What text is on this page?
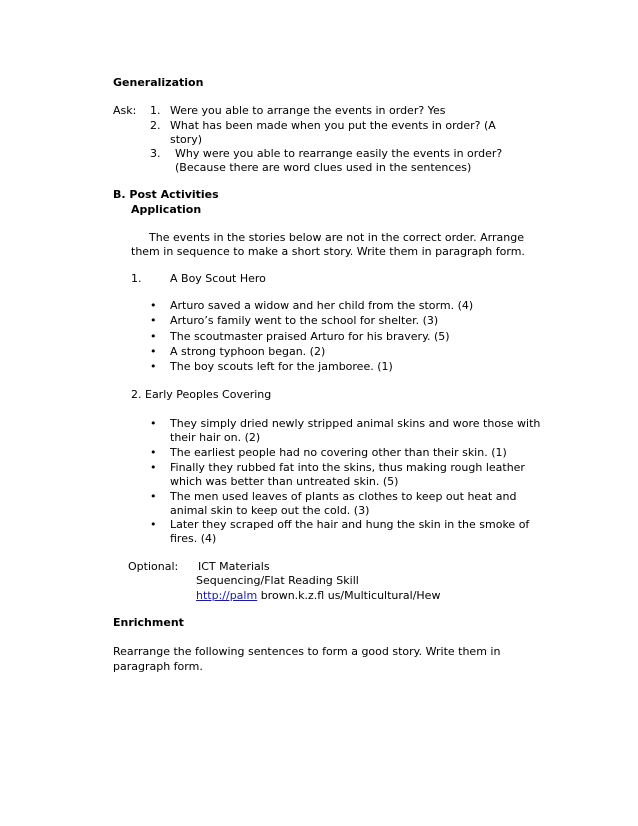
Generalization
Ask: 1. Were you able to arrange the events in order? Yes
2. What has been made when you put the events in order? (A
story)
3. Why were you able to rearrange easily the events in order?
(Because there are word clues used in the sentences)
B. Post Activities
Application
The events in the stories below are not in the correct order. Arrange
them in sequence to make a short story. Write them in paragraph form.
1.	A Boy Scout Hero
• Arturo saved a widow and her child from the storm. (4)
• Arturo’s family went to the school for shelter. (3)
• The scoutmaster praised Arturo for his bravery. (5)
• A strong typhoon began. (2)
• The boy scouts left for the jamboree. (1)
2. Early Peoples Covering
• They simply dried newly stripped animal skins and wore those with
their hair on. (2)
• The earliest people had no covering other than their skin. (1)
• Finally they rubbed fat into the skins, thus making rough leather
which was better than untreated skin. (5)
• The men used leaves of plants as clothes to keep out heat and
animal skin to keep out the cold. (3)
• Later they scraped off the hair and hung the skin in the smoke of
fires. (4)
Optional: ICT Materials
Sequencing/Flat Reading Skill
http://palm brown.k.z.fl us/Multicultural/Hew
Enrichment
Rearrange the following sentences to form a good story. Write them in
paragraph form.
